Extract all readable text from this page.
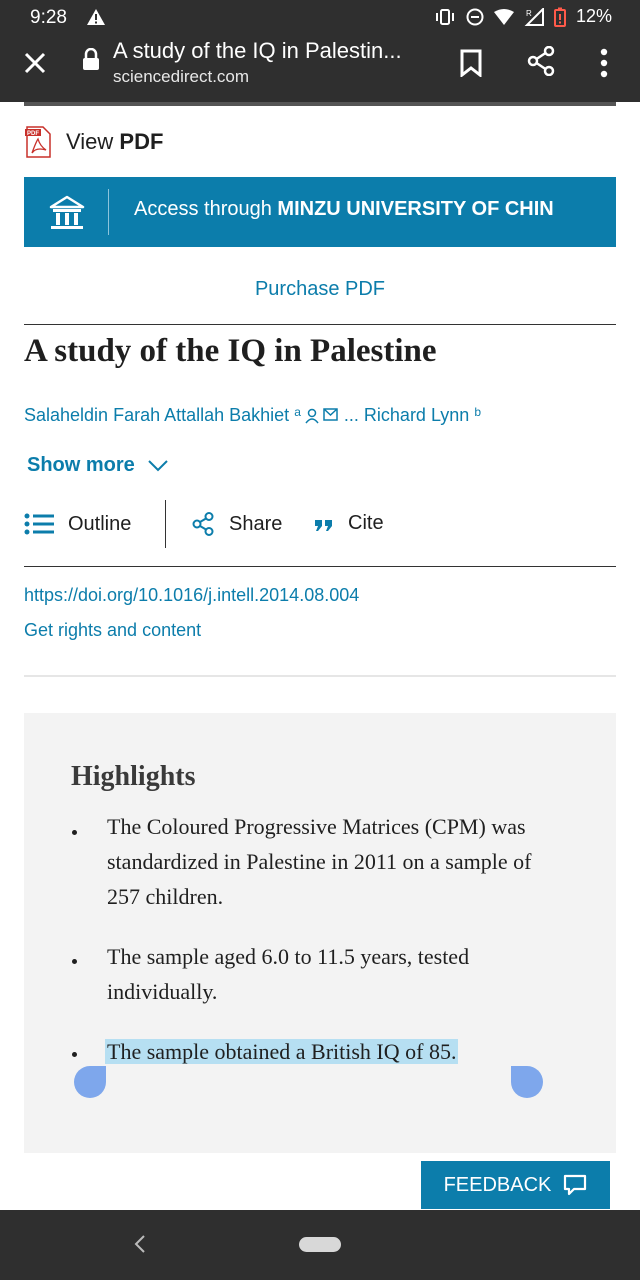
9:28	R 12%
A study of the IQ in Palestin...
sciencedirect.com
PDF View PDF
Access through MINZU UNIVERSITY OF CHIN
Purchase PDF
A study of the IQ in Palestine
Salaheldin Farah Attallah Bakhiet
$^a$ ...
Richard Lynn
$^b$
Show more
Outline	Share	Cite
https://doi.org/10.1016/j.intell.2014.08.004
Get rights and content
Highlights

The Coloured Progressive Matrices (CPM) was standardized in Palestine in 2011 on a sample of 257 children.

The sample aged 6.0 to 11.5 years, tested individually.

The sample obtained a British IQ of 85.

FEEDBACK
